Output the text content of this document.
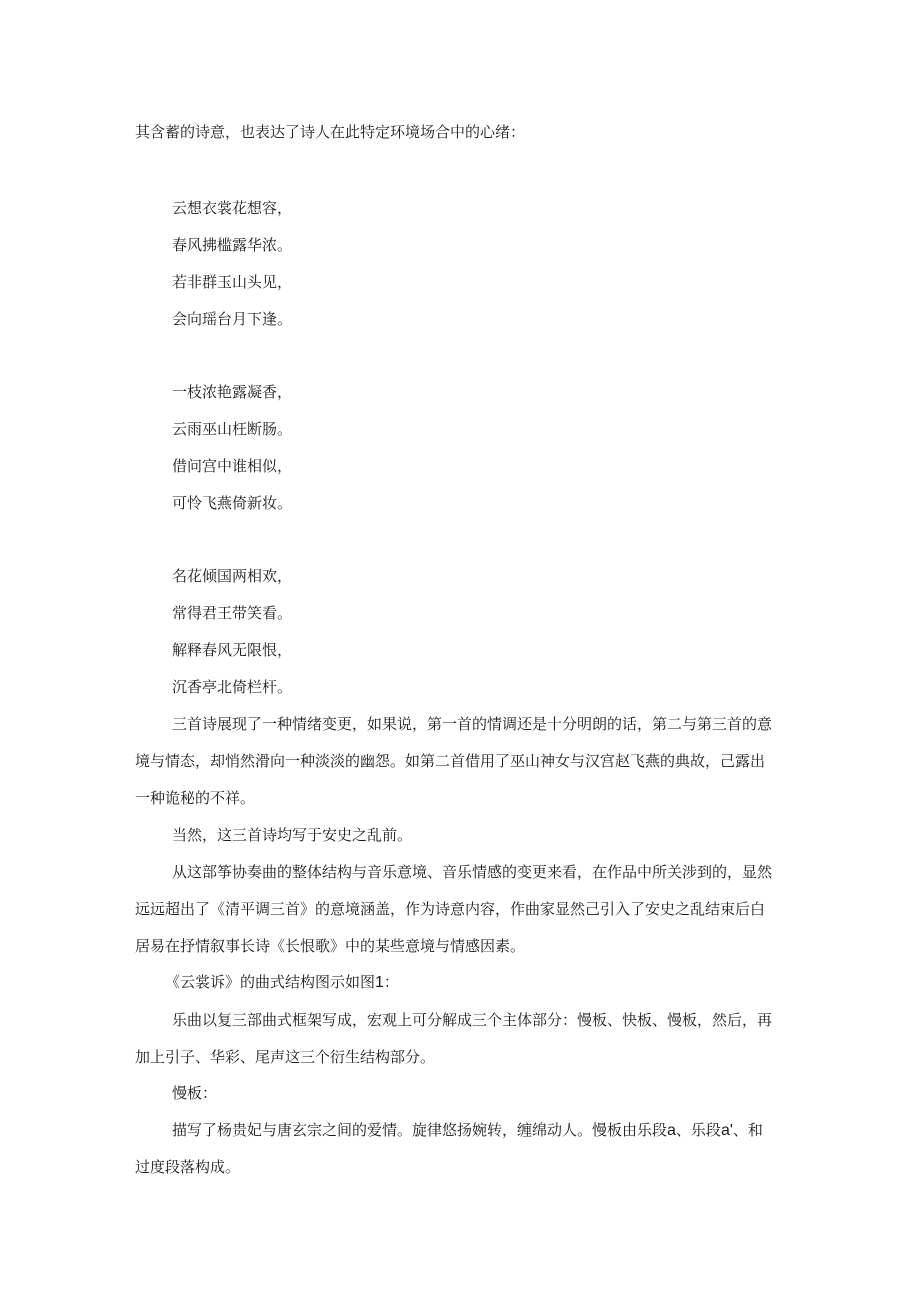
其含蓄的诗意，也表达了诗人在此特定环境场合中的心绪：
云想衣裳花想容，
春风拂槛露华浓。
若非群玉山头见，
会向瑶台月下逢。
一枝浓艳露凝香，
云雨巫山枉断肠。
借问宫中谁相似，
可怜飞燕倚新妆。
名花倾国两相欢，
常得君王带笑看。
解释春风无限恨，
沉香亭北倚栏杆。
三首诗展现了一种情绪变更，如果说，第一首的情调还是十分明朗的话，第二与第三首的意
境与情态，却悄然滑向一种淡淡的幽怨。如第二首借用了巫山神女与汉宫赵飞燕的典故，己露出
一种诡秘的不祥。
当然，这三首诗均写于安史之乱前。
从这部筝协奏曲的整体结构与音乐意境、音乐情感的变更来看，在作品中所关涉到的，显然
远远超出了《清平调三首》的意境涵盖，作为诗意内容，作曲家显然己引入了安史之乱结束后白
居易在抒情叙事长诗《长恨歌》中的某些意境与情感因素。
《云裳诉》的曲式结构图示如图1：
乐曲以复三部曲式框架写成，宏观上可分解成三个主体部分：慢板、快板、慢板，然后，再
加上引子、华彩、尾声这三个衍生结构部分。
慢板：
描写了杨贵妃与唐玄宗之间的爱情。旋律悠扬婉转，缠绵动人。慢板由乐段a、乐段a'、和
过度段落构成。
